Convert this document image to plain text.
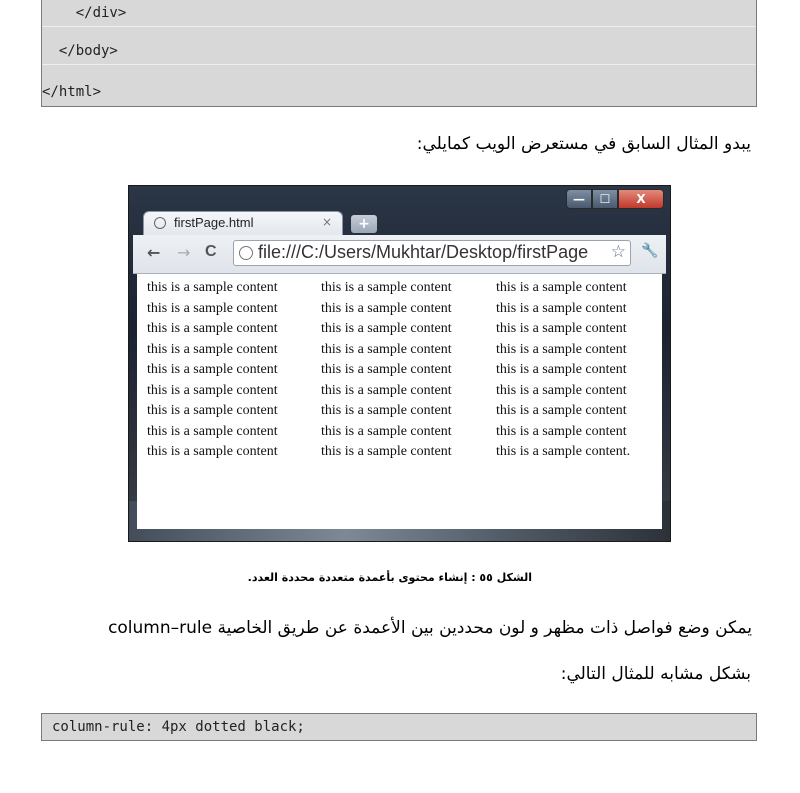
</div>
</body>
</html>
يبدو المثال السابق في مستعرض الويب كمايلي:
— ☐ X
firstPage.html	×	+
← → C file:///C:/Users/Mukhtar/Desktop/firstPage	☆ 🔧
this is a sample content
this is a sample content
this is a sample content
this is a sample content
this is a sample content
this is a sample content
this is a sample content
this is a sample content
this is a sample content
this is a sample content
this is a sample content
this is a sample content
this is a sample content
this is a sample content
this is a sample content
this is a sample content
this is a sample content
this is a sample content
this is a sample content
this is a sample content
this is a sample content
this is a sample content
this is a sample content
this is a sample content
this is a sample content
this is a sample content
this is a sample content.
الشكل ٥٥ : إنشاء محتوى بأعمدة متعددة محددة العدد.
يمكن وضع فواصل ذات مظهر و لون محددين بين الأعمدة عن طريق الخاصية column–rule
بشكل مشابه للمثال التالي:
column-rule: 4px dotted black;
